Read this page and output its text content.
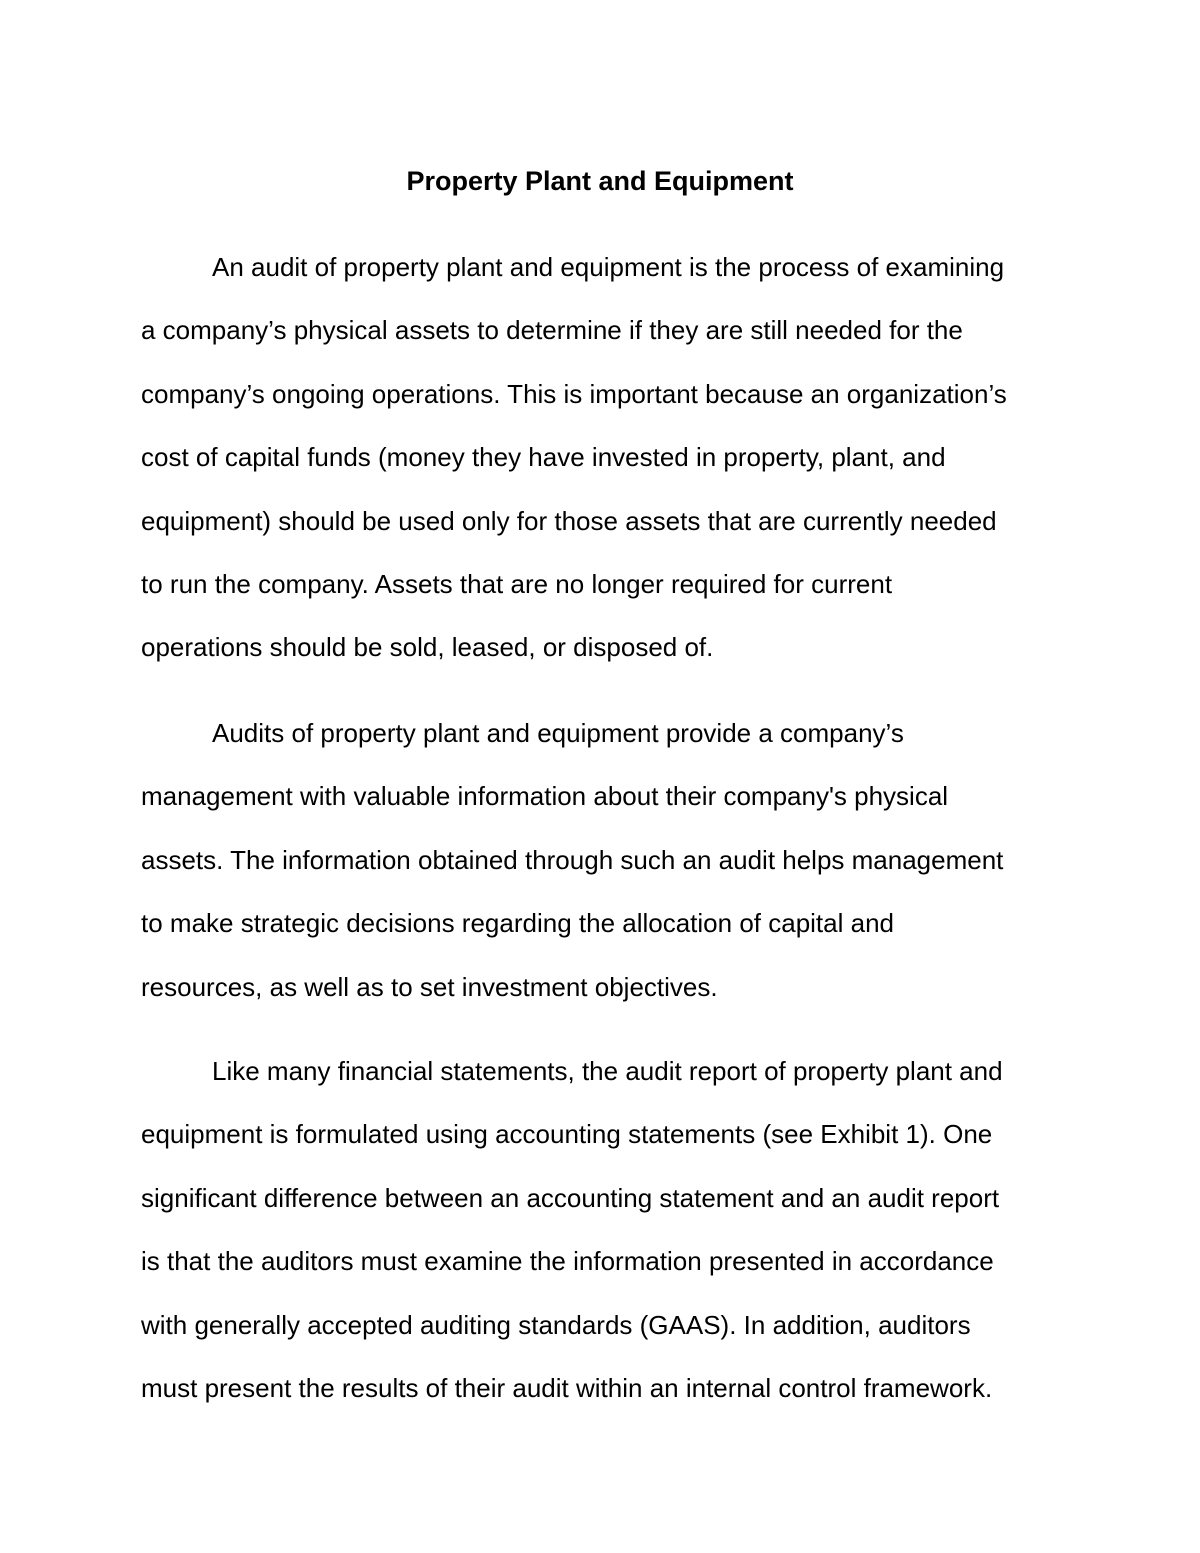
Property Plant and Equipment

An audit of property plant and equipment is the process of examining
a company’s physical assets to determine if they are still needed for the
company’s ongoing operations. This is important because an organization’s
cost of capital funds (money they have invested in property, plant, and
equipment) should be used only for those assets that are currently needed
to run the company. Assets that are no longer required for current
operations should be sold, leased, or disposed of.

Audits of property plant and equipment provide a company’s
management with valuable information about their company's physical
assets. The information obtained through such an audit helps management
to make strategic decisions regarding the allocation of capital and
resources, as well as to set investment objectives.

Like many financial statements, the audit report of property plant and
equipment is formulated using accounting statements (see Exhibit 1). One
significant difference between an accounting statement and an audit report
is that the auditors must examine the information presented in accordance
with generally accepted auditing standards (GAAS). In addition, auditors
must present the results of their audit within an internal control framework.
